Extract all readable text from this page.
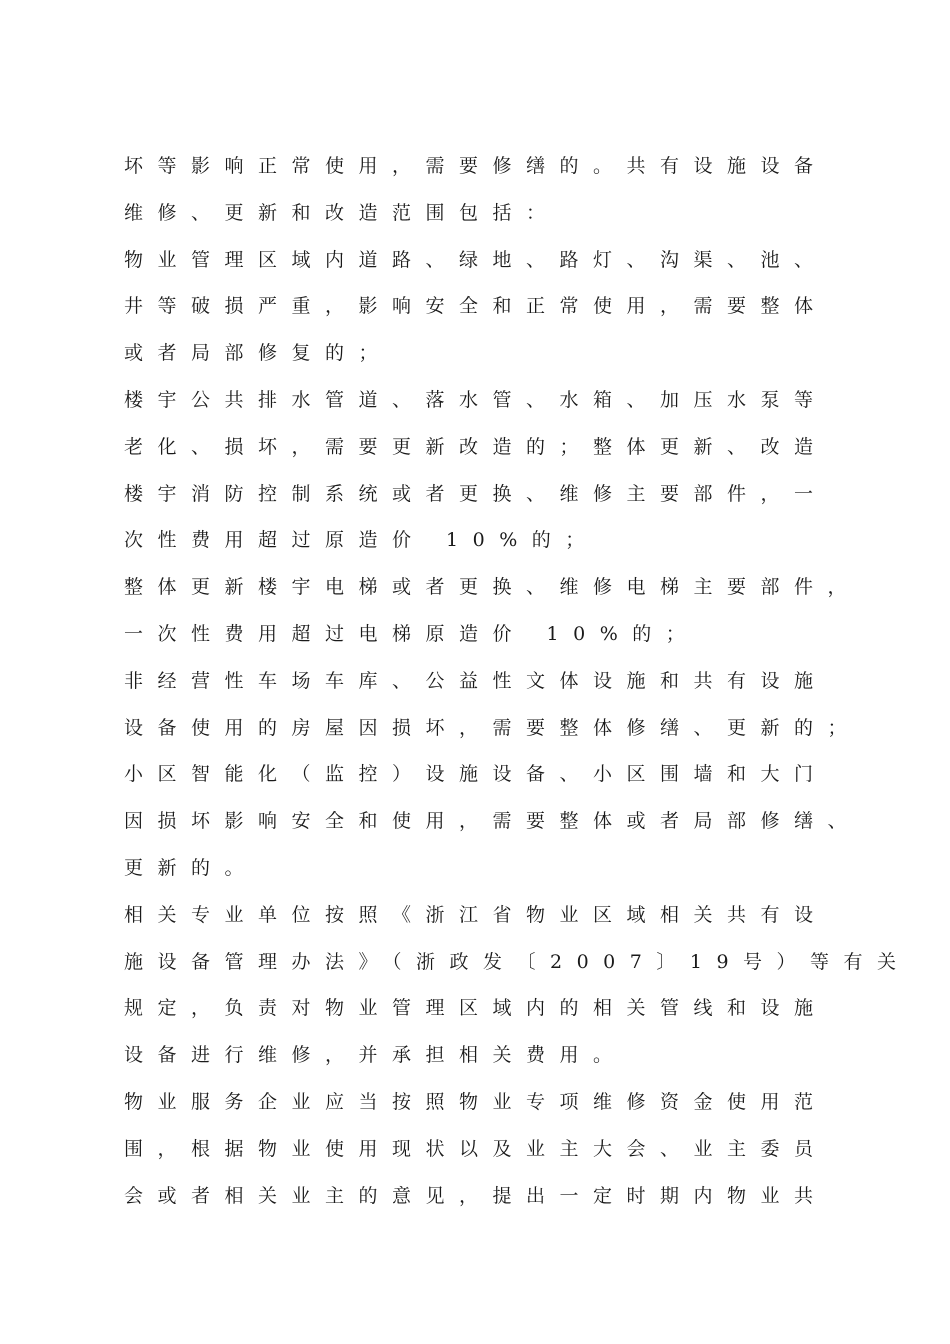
坏等影响正常使用，需要修缮的。共有设施设备
维修、更新和改造范围包括：
物业管理区域内道路、绿地、路灯、沟渠、池、
井等破损严重，影响安全和正常使用，需要整体
或者局部修复的；
楼宇公共排水管道、落水管、水箱、加压水泵等
老化、损坏，需要更新改造的；整体更新、改造
楼宇消防控制系统或者更换、维修主要部件，一
次性费用超过原造价 10%的；
整体更新楼宇电梯或者更换、维修电梯主要部件，
一次性费用超过电梯原造价 10%的；
非经营性车场车库、公益性文体设施和共有设施
设备使用的房屋因损坏，需要整体修缮、更新的；
小区智能化（监控）设施设备、小区围墙和大门
因损坏影响安全和使用，需要整体或者局部修缮、
更新的。
相关专业单位按照《浙江省物业区域相关共有设
施设备管理办法》（浙政发〔2007〕19号）等有关
规定，负责对物业管理区域内的相关管线和设施
设备进行维修，并承担相关费用。
物业服务企业应当按照物业专项维修资金使用范
围，根据物业使用现状以及业主大会、业主委员
会或者相关业主的意见，提出一定时期内物业共
